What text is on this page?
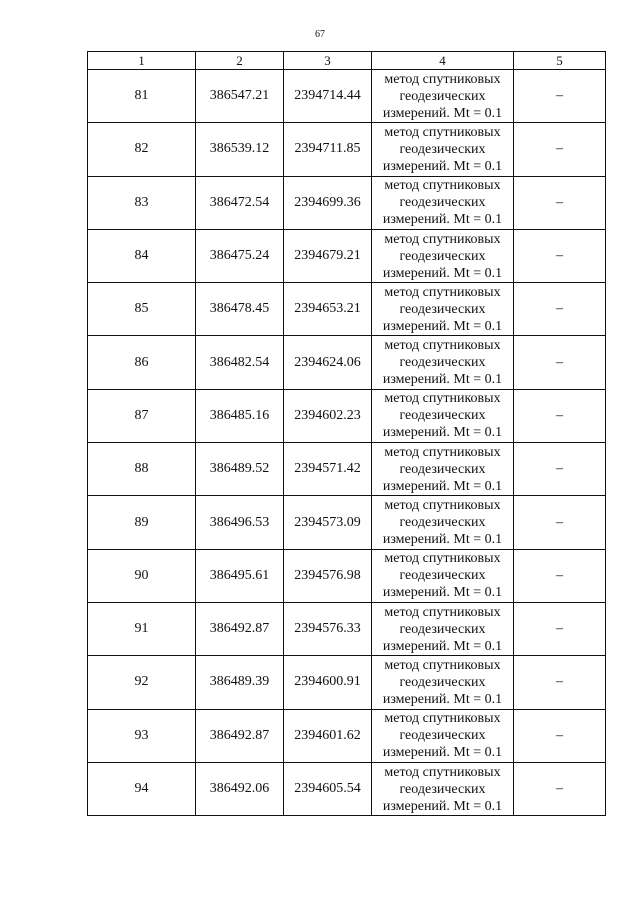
67
1	2	3	4	5
81	386547.21	2394714.44	метод спутниковых
геодезических
измерений. Mt = 0.1	–
82	386539.12	2394711.85	метод спутниковых
геодезических
измерений. Mt = 0.1	–
83	386472.54	2394699.36	метод спутниковых
геодезических
измерений. Mt = 0.1	–
84	386475.24	2394679.21	метод спутниковых
геодезических
измерений. Mt = 0.1	–
85	386478.45	2394653.21	метод спутниковых
геодезических
измерений. Mt = 0.1	–
86	386482.54	2394624.06	метод спутниковых
геодезических
измерений. Mt = 0.1	–
87	386485.16	2394602.23	метод спутниковых
геодезических
измерений. Mt = 0.1	–
88	386489.52	2394571.42	метод спутниковых
геодезических
измерений. Mt = 0.1	–
89	386496.53	2394573.09	метод спутниковых
геодезических
измерений. Mt = 0.1	–
90	386495.61	2394576.98	метод спутниковых
геодезических
измерений. Mt = 0.1	–
91	386492.87	2394576.33	метод спутниковых
геодезических
измерений. Mt = 0.1	–
92	386489.39	2394600.91	метод спутниковых
геодезических
измерений. Mt = 0.1	–
93	386492.87	2394601.62	метод спутниковых
геодезических
измерений. Mt = 0.1	–
94	386492.06	2394605.54	метод спутниковых
геодезических
измерений. Mt = 0.1	–
